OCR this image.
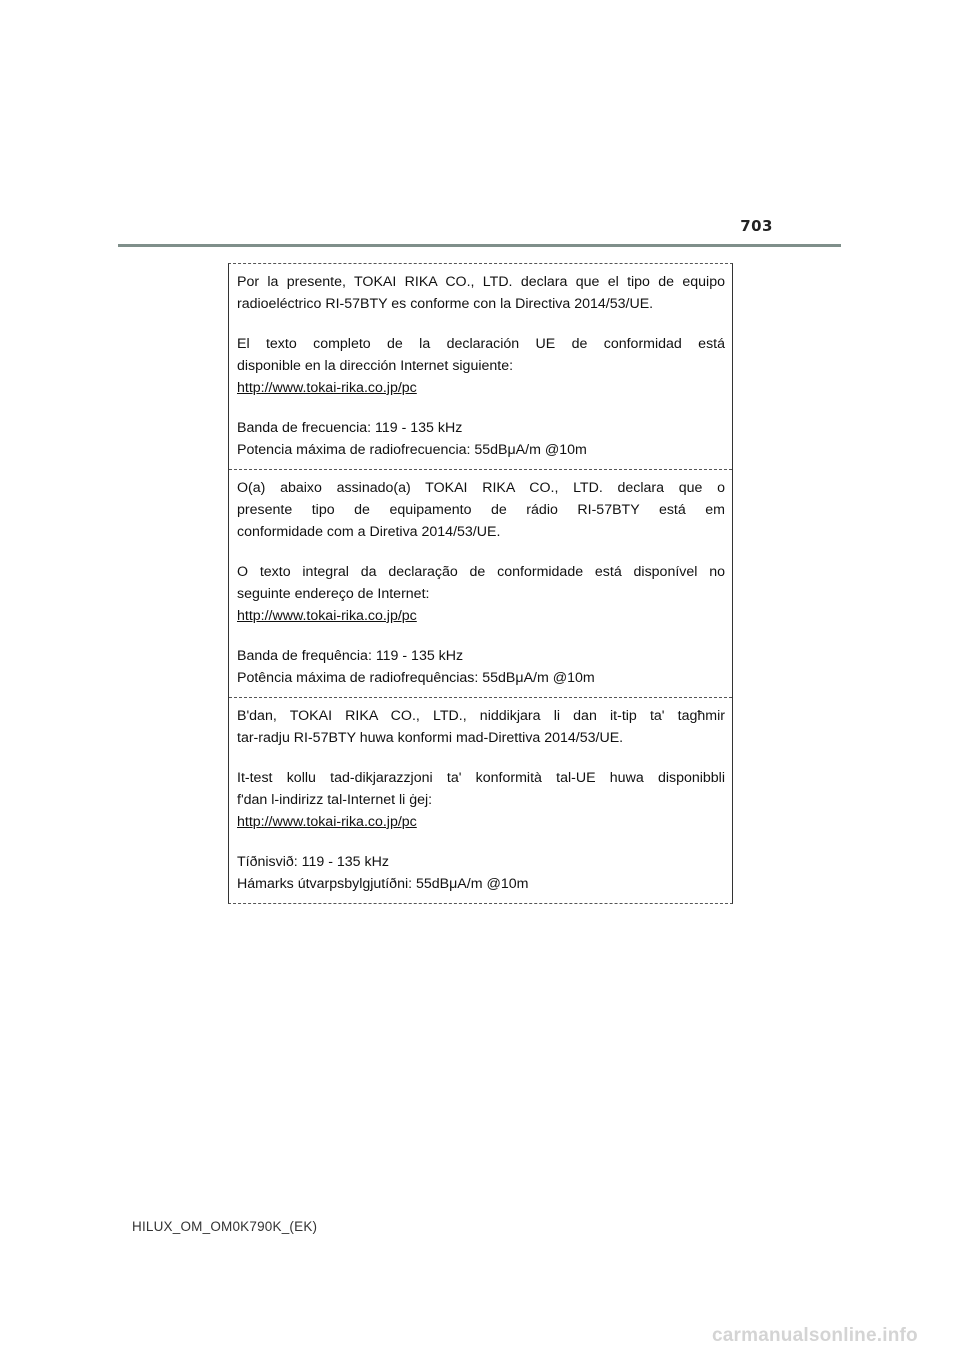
703

Por la presente, TOKAI RIKA CO., LTD. declara que el tipo de equipo
radioeléctrico RI-57BTY es conforme con la Directiva 2014/53/UE.

El texto completo de la declaración UE de conformidad está
disponible en la dirección Internet siguiente:
http://www.tokai-rika.co.jp/pc

Banda de frecuencia: 119 - 135 kHz
Potencia máxima de radiofrecuencia: 55dBμA/m @10m

O(a) abaixo assinado(a) TOKAI RIKA CO., LTD. declara que o
presente tipo de equipamento de rádio RI-57BTY está em
conformidade com a Diretiva 2014/53/UE.

O texto integral da declaração de conformidade está disponível no
seguinte endereço de Internet:
http://www.tokai-rika.co.jp/pc

Banda de frequência: 119 - 135 kHz
Potência máxima de radiofrequências: 55dBμA/m @10m

B'dan, TOKAI RIKA CO., LTD., niddikjara li dan it-tip ta' tagħmir
tar-radju RI-57BTY huwa konformi mad-Direttiva 2014/53/UE.

It-test kollu tad-dikjarazzjoni ta' konformità tal-UE huwa disponibbli
f'dan l-indirizz tal-Internet li ġej:
http://www.tokai-rika.co.jp/pc

Tíðnisvið: 119 - 135 kHz
Hámarks útvarpsbylgjutíðni: 55dBμA/m @10m

HILUX_OM_OM0K790K_(EK)
carmanualsonline.info
